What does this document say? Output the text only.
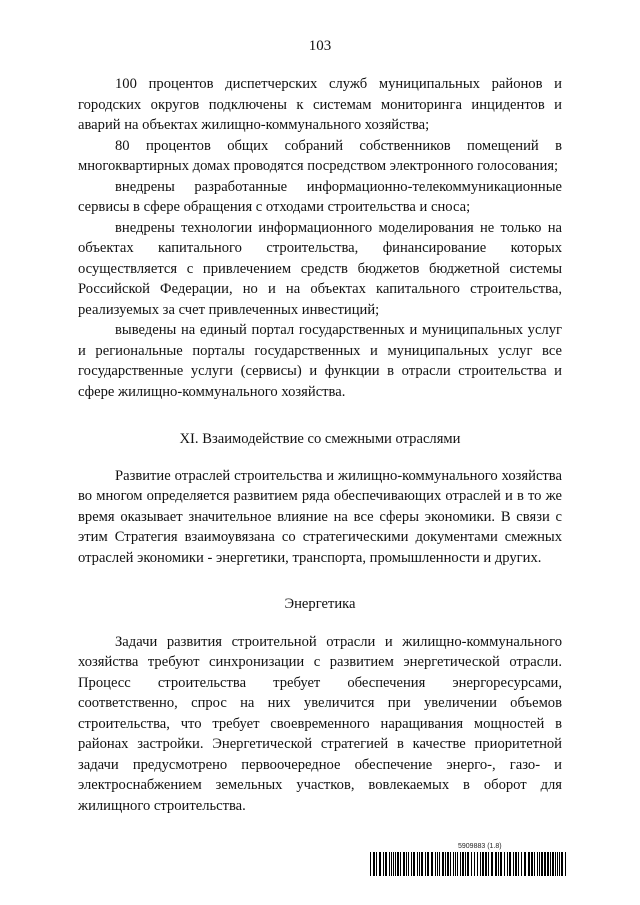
103

100 процентов диспетчерских служб муниципальных районов и городских округов подключены к системам мониторинга инцидентов и аварий на объектах жилищно-коммунального хозяйства;

80 процентов общих собраний собственников помещений в многоквартирных домах проводятся посредством электронного голосования;

внедрены разработанные информационно-телекоммуникационные сервисы в сфере обращения с отходами строительства и сноса;

внедрены технологии информационного моделирования не только на объектах капитального строительства, финансирование которых осуществляется с привлечением средств бюджетов бюджетной системы Российской Федерации, но и на объектах капитального строительства, реализуемых за счет привлеченных инвестиций;

выведены на единый портал государственных и муниципальных услуг и региональные порталы государственных и муниципальных услуг все государственные услуги (сервисы) и функции в отрасли строительства и сфере жилищно-коммунального хозяйства.

XI. Взаимодействие со смежными отраслями

Развитие отраслей строительства и жилищно-коммунального хозяйства во многом определяется развитием ряда обеспечивающих отраслей и в то же время оказывает значительное влияние на все сферы экономики. В связи с этим Стратегия взаимоувязана со стратегическими документами смежных отраслей экономики - энергетики, транспорта, промышленности и других.

Энергетика

Задачи развития строительной отрасли и жилищно-коммунального хозяйства требуют синхронизации с развитием энергетической отрасли. Процесс строительства требует обеспечения энергоресурсами, соответственно, спрос на них увеличится при увеличении объемов строительства, что требует своевременного наращивания мощностей в районах застройки. Энергетической стратегией в качестве приоритетной задачи предусмотрено первоочередное обеспечение энерго-, газо- и электроснабжением земельных участков, вовлекаемых в оборот для жилищного строительства.

5909883 (1.8)
